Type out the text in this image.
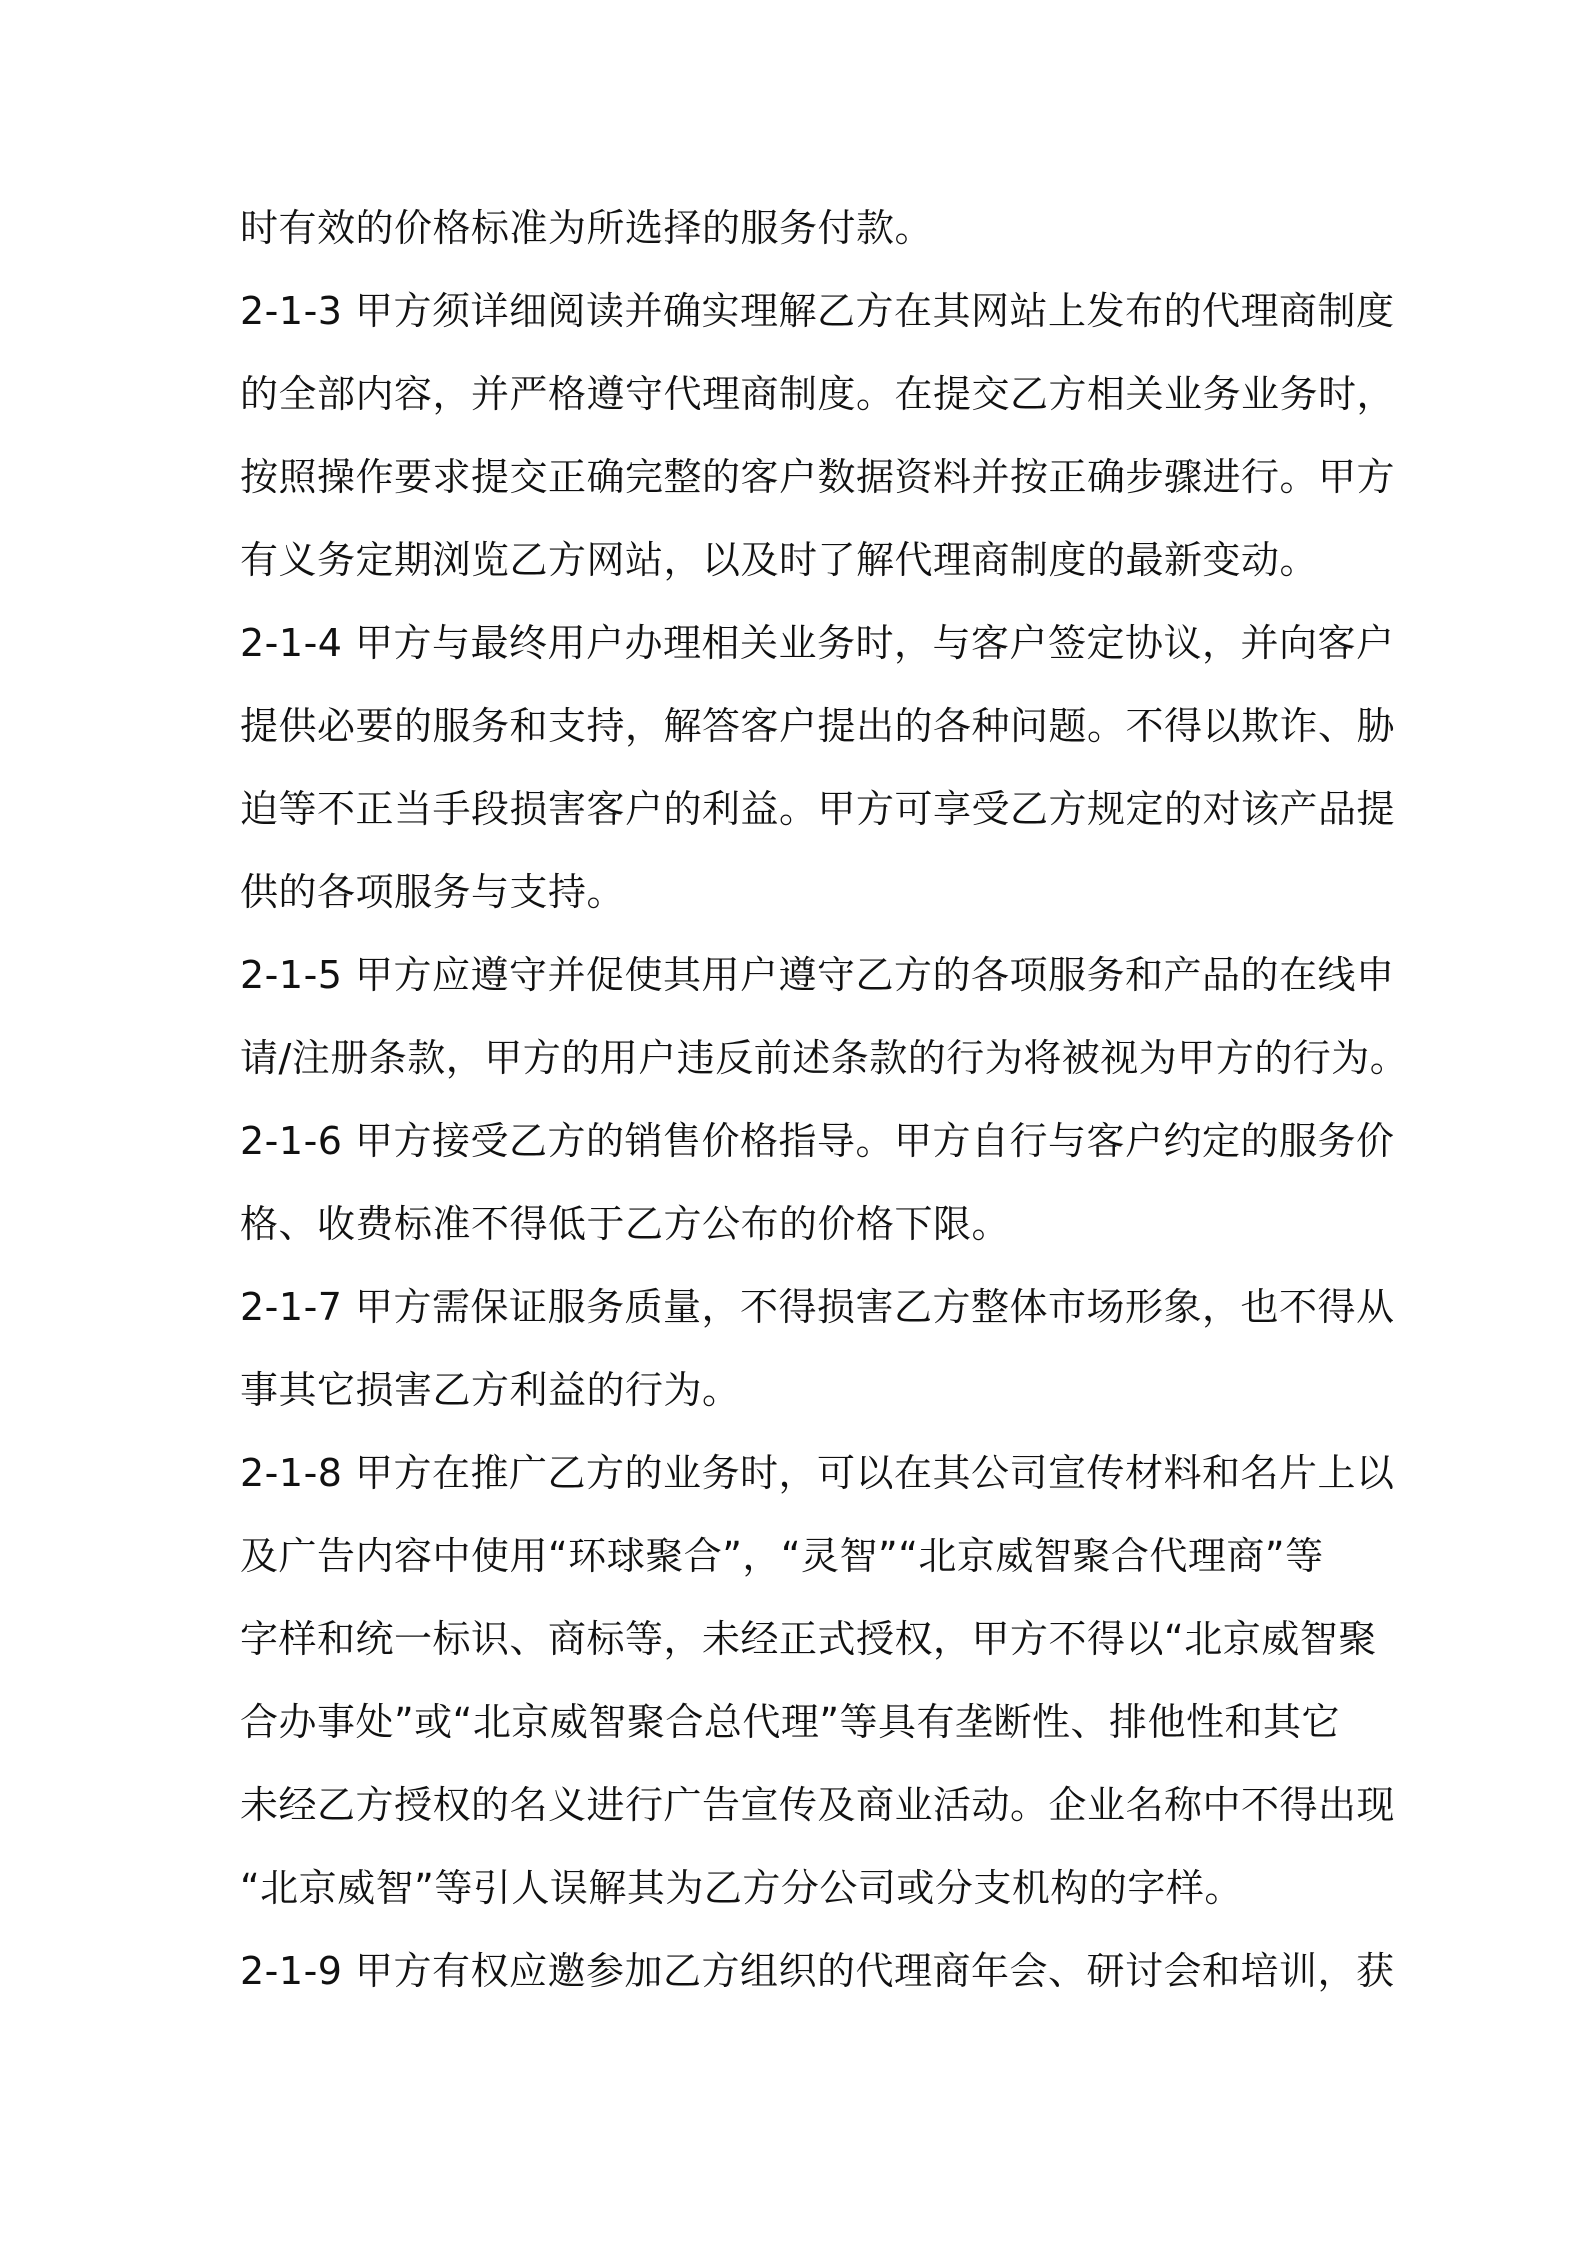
时有效的价格标准为所选择的服务付款。

2-1-3 甲方须详细阅读并确实理解乙方在其网站上发布的代理商制度

的全部内容，并严格遵守代理商制度。在提交乙方相关业务业务时，

按照操作要求提交正确完整的客户数据资料并按正确步骤进行。甲方

有义务定期浏览乙方网站，以及时了解代理商制度的最新变动。

2-1-4 甲方与最终用户办理相关业务时，与客户签定协议，并向客户

提供必要的服务和支持，解答客户提出的各种问题。不得以欺诈、胁

迫等不正当手段损害客户的利益。甲方可享受乙方规定的对该产品提

供的各项服务与支持。

2-1-5 甲方应遵守并促使其用户遵守乙方的各项服务和产品的在线申

请/注册条款，甲方的用户违反前述条款的行为将被视为甲方的行为。

2-1-6 甲方接受乙方的销售价格指导。甲方自行与客户约定的服务价

格、收费标准不得低于乙方公布的价格下限。

2-1-7 甲方需保证服务质量，不得损害乙方整体市场形象，也不得从

事其它损害乙方利益的行为。

2-1-8 甲方在推广乙方的业务时，可以在其公司宣传材料和名片上以

及广告内容中使用“环球聚合”，“灵智”“北京威智聚合代理商”等

字样和统一标识、商标等，未经正式授权，甲方不得以“北京威智聚

合办事处”或“北京威智聚合总代理”等具有垄断性、排他性和其它

未经乙方授权的名义进行广告宣传及商业活动。企业名称中不得出现

“北京威智”等引人误解其为乙方分公司或分支机构的字样。

2-1-9 甲方有权应邀参加乙方组织的代理商年会、研讨会和培训，获
